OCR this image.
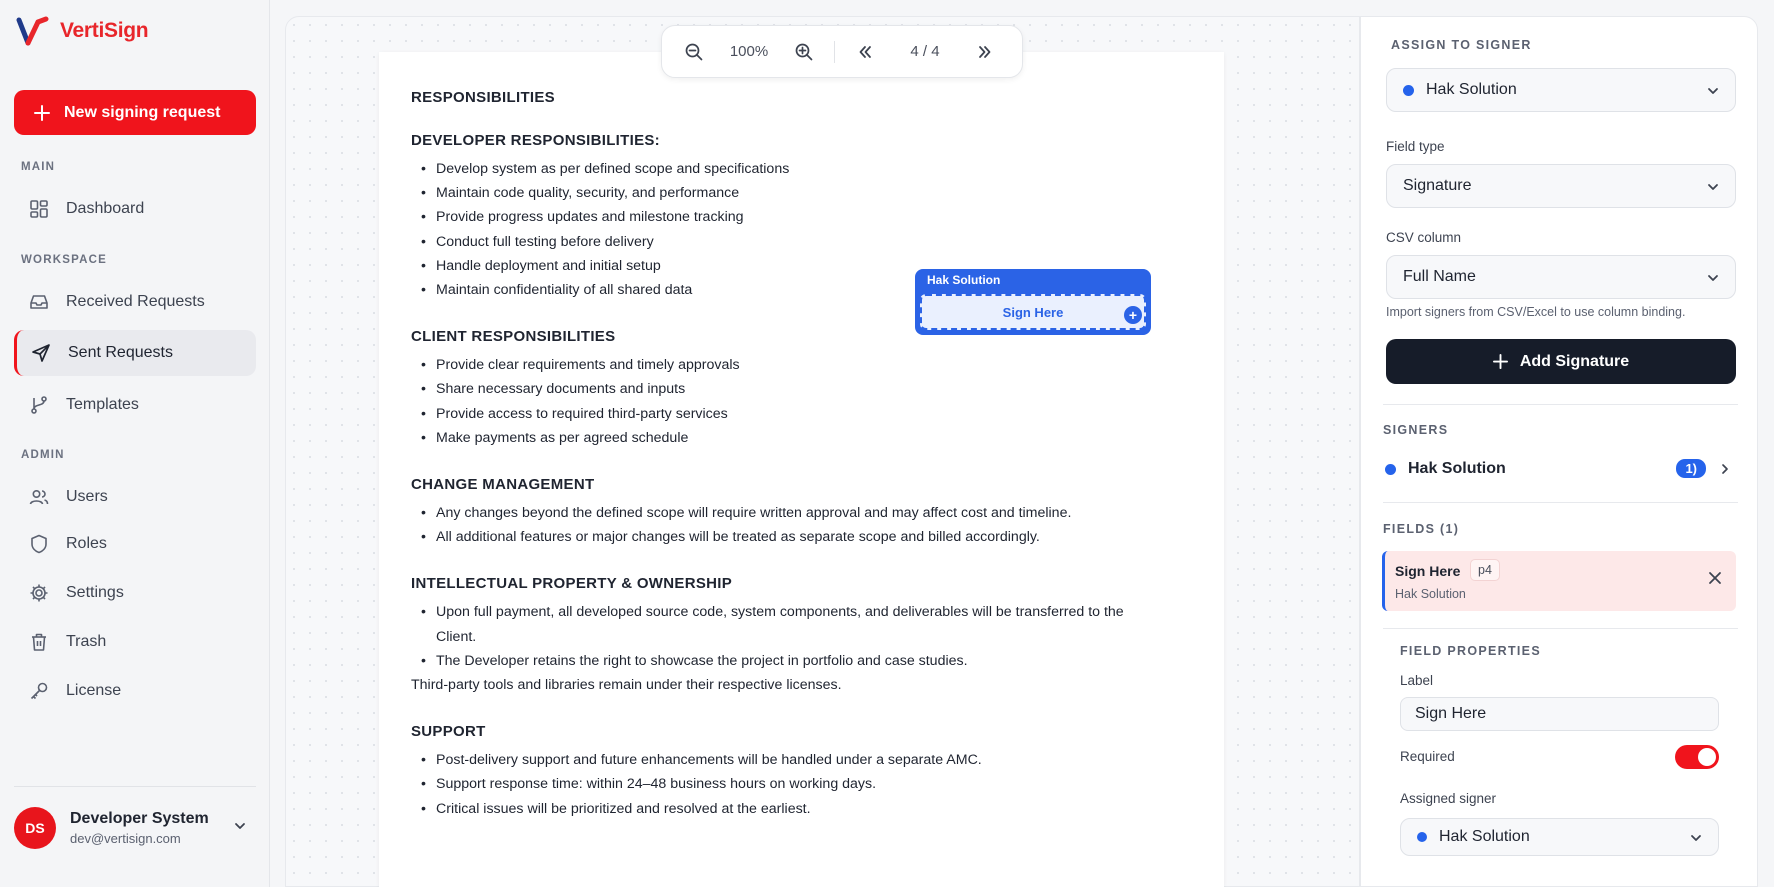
VertiSign
New signing request
MAIN
Dashboard
WORKSPACE
Received Requests
Sent Requests
Templates
ADMIN
Users
Roles
Settings
Trash
License
DS
Developer System
dev@vertisign.com
RESPONSIBILITIES
DEVELOPER RESPONSIBILITIES:
• Develop system as per defined scope and specifications
• Maintain code quality, security, and performance
• Provide progress updates and milestone tracking
• Conduct full testing before delivery
• Handle deployment and initial setup
• Maintain confidentiality of all shared data
CLIENT RESPONSIBILITIES
• Provide clear requirements and timely approvals
• Share necessary documents and inputs
• Provide access to required third-party services
• Make payments as per agreed schedule
CHANGE MANAGEMENT
• Any changes beyond the defined scope will require written approval and may affect cost and timeline.
• All additional features or major changes will be treated as separate scope and billed accordingly.
INTELLECTUAL PROPERTY & OWNERSHIP
• Upon full payment, all developed source code, system components, and deliverables will be transferred to the Client.
• The Developer retains the right to showcase the project in portfolio and case studies.

Third-party tools and libraries remain under their respective licenses.

SUPPORT
• Post-delivery support and future enhancements will be handled under a separate AMC.
• Support response time: within 24–48 business hours on working days.
• Critical issues will be prioritized and resolved at the earliest.
100%	4 / 4
Hak Solution
Sign Here	+
ASSIGN TO SIGNER
Hak Solution
Field type
Signature
CSV column
Full Name
Import signers from CSV/Excel to use column binding.
Add Signature
SIGNERS
Hak Solution	1)
FIELDS (1)
Sign Here	p4
Hak Solution
FIELD PROPERTIES
Label
Sign Here
Required
Assigned signer
Hak Solution
